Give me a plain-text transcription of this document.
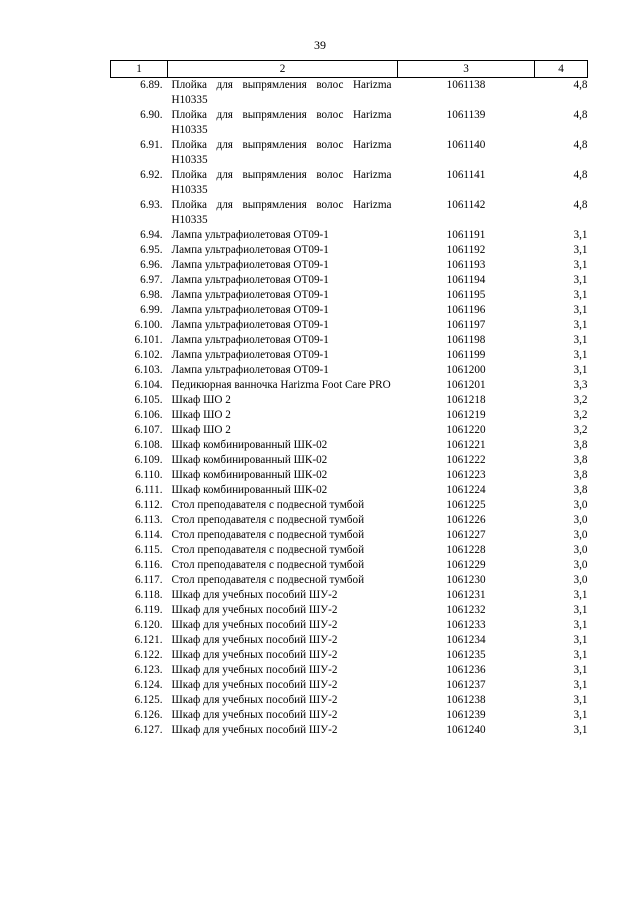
39
1	2	3	4
6.89.	Плойка для выпрямления волос Harizma H10335	1061138	4,8
6.90.	Плойка для выпрямления волос Harizma H10335	1061139	4,8
6.91.	Плойка для выпрямления волос Harizma H10335	1061140	4,8
6.92.	Плойка для выпрямления волос Harizma H10335	1061141	4,8
6.93.	Плойка для выпрямления волос Harizma H10335	1061142	4,8
6.94.	Лампа ультрафиолетовая ОТ09-1	1061191	3,1
6.95.	Лампа ультрафиолетовая ОТ09-1	1061192	3,1
6.96.	Лампа ультрафиолетовая ОТ09-1	1061193	3,1
6.97.	Лампа ультрафиолетовая ОТ09-1	1061194	3,1
6.98.	Лампа ультрафиолетовая ОТ09-1	1061195	3,1
6.99.	Лампа ультрафиолетовая ОТ09-1	1061196	3,1
6.100.	Лампа ультрафиолетовая ОТ09-1	1061197	3,1
6.101.	Лампа ультрафиолетовая ОТ09-1	1061198	3,1
6.102.	Лампа ультрафиолетовая ОТ09-1	1061199	3,1
6.103.	Лампа ультрафиолетовая ОТ09-1	1061200	3,1
6.104.	Педикюрная ванночка Harizma Foot Care PRO	1061201	3,3
6.105.	Шкаф ШО 2	1061218	3,2
6.106.	Шкаф ШО 2	1061219	3,2
6.107.	Шкаф ШО 2	1061220	3,2
6.108.	Шкаф комбинированный ШК-02	1061221	3,8
6.109.	Шкаф комбинированный ШК-02	1061222	3,8
6.110.	Шкаф комбинированный ШК-02	1061223	3,8
6.111.	Шкаф комбинированный ШК-02	1061224	3,8
6.112.	Стол преподавателя с подвесной тумбой	1061225	3,0
6.113.	Стол преподавателя с подвесной тумбой	1061226	3,0
6.114.	Стол преподавателя с подвесной тумбой	1061227	3,0
6.115.	Стол преподавателя с подвесной тумбой	1061228	3,0
6.116.	Стол преподавателя с подвесной тумбой	1061229	3,0
6.117.	Стол преподавателя с подвесной тумбой	1061230	3,0
6.118.	Шкаф для учебных пособий ШУ-2	1061231	3,1
6.119.	Шкаф для учебных пособий ШУ-2	1061232	3,1
6.120.	Шкаф для учебных пособий ШУ-2	1061233	3,1
6.121.	Шкаф для учебных пособий ШУ-2	1061234	3,1
6.122.	Шкаф для учебных пособий ШУ-2	1061235	3,1
6.123.	Шкаф для учебных пособий ШУ-2	1061236	3,1
6.124.	Шкаф для учебных пособий ШУ-2	1061237	3,1
6.125.	Шкаф для учебных пособий ШУ-2	1061238	3,1
6.126.	Шкаф для учебных пособий ШУ-2	1061239	3,1
6.127.	Шкаф для учебных пособий ШУ-2	1061240	3,1
